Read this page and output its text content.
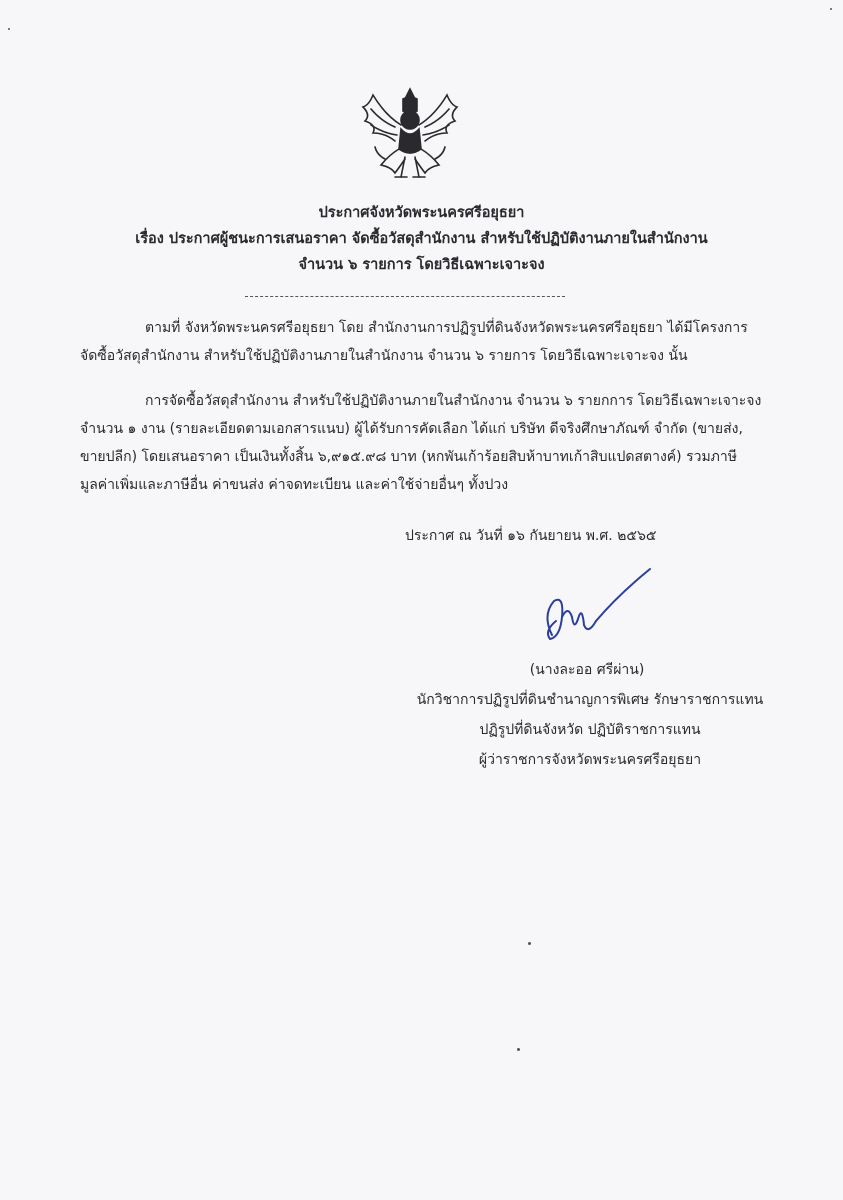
ประกาศจังหวัดพระนครศรีอยุธยา
เรื่อง ประกาศผู้ชนะการเสนอราคา จัดซื้อวัสดุสำนักงาน สำหรับใช้ปฏิบัติงานภายในสำนักงาน
จำนวน ๖ รายการ โดยวิธีเฉพาะเจาะจง
ตามที่ จังหวัดพระนครศรีอยุธยา โดย สำนักงานการปฏิรูปที่ดินจังหวัดพระนครศรีอยุธยา ได้มีโครงการ
จัดซื้อวัสดุสำนักงาน สำหรับใช้ปฏิบัติงานภายในสำนักงาน จำนวน ๖ รายการ โดยวิธีเฉพาะเจาะจง นั้น
การจัดซื้อวัสดุสำนักงาน สำหรับใช้ปฏิบัติงานภายในสำนักงาน จำนวน ๖ รายกการ โดยวิธีเฉพาะเจาะจง
จำนวน ๑ งาน (รายละเอียดตามเอกสารแนบ) ผู้ได้รับการคัดเลือก ได้แก่ บริษัท ดีจริงศึกษาภัณฑ์ จำกัด (ขายส่ง,
ขายปลีก) โดยเสนอราคา เป็นเงินทั้งสิ้น ๖,๙๑๕.๙๘ บาท (หกพันเก้าร้อยสิบห้าบาทเก้าสิบแปดสตางค์) รวมภาษี
มูลค่าเพิ่มและภาษีอื่น ค่าขนส่ง ค่าจดทะเบียน และค่าใช้จ่ายอื่นๆ ทั้งปวง
ประกาศ ณ วันที่ ๑๖ กันยายน พ.ศ. ๒๕๖๕
(นางละออ ศรีผ่าน)
นักวิชาการปฏิรูปที่ดินชำนาญการพิเศษ รักษาราชการแทน
ปฏิรูปที่ดินจังหวัด ปฏิบัติราชการแทน
ผู้ว่าราชการจังหวัดพระนครศรีอยุธยา
